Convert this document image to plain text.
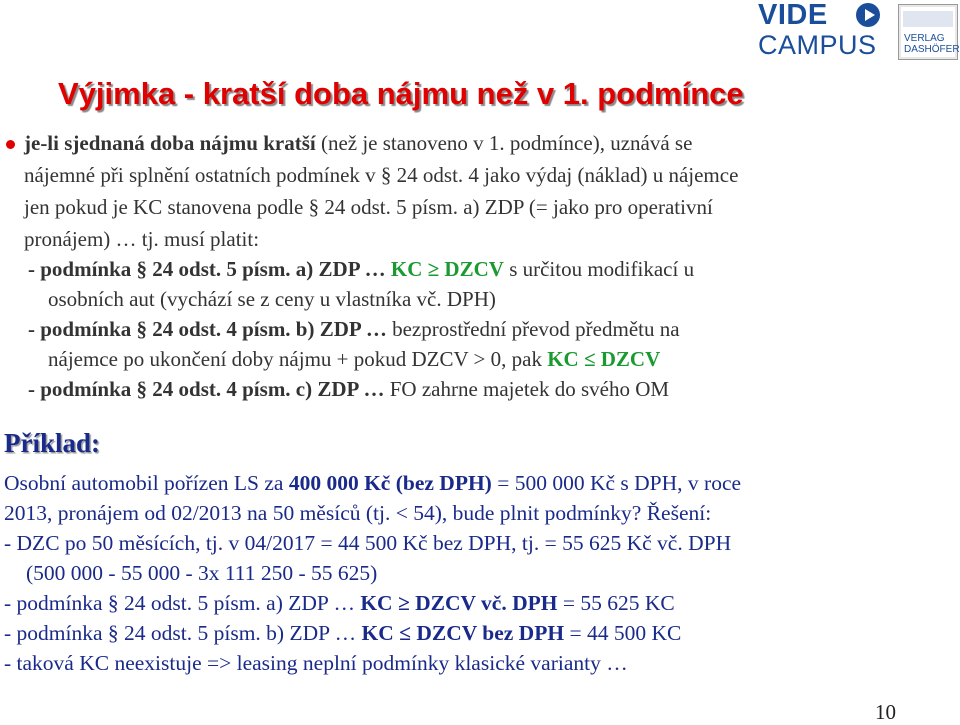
VIDE
CAMPUS	VERLAG
DASHÖFER
Výjimka - kratší doba nájmu než v 1. podmínce
je-li sjednaná doba nájmu kratší (než je stanoveno v 1. podmínce), uznává se
nájemné při splnění ostatních podmínek v § 24 odst. 4 jako výdaj (náklad) u nájemce
jen pokud je KC stanovena podle § 24 odst. 5 písm. a) ZDP (= jako pro operativní
pronájem) … tj. musí platit:
- podmínka § 24 odst. 5 písm. a) ZDP … KC ≥ DZCV s určitou modifikací u
osobních aut (vychází se z ceny u vlastníka vč. DPH)
- podmínka § 24 odst. 4 písm. b) ZDP … bezprostřední převod předmětu na
nájemce po ukončení doby nájmu + pokud DZCV > 0, pak KC ≤ DZCV
- podmínka § 24 odst. 4 písm. c) ZDP … FO zahrne majetek do svého OM
Příklad:
Osobní automobil pořízen LS za 400 000 Kč (bez DPH) = 500 000 Kč s DPH, v roce
2013, pronájem od 02/2013 na 50 měsíců (tj. < 54), bude plnit podmínky? Řešení:
- DZC po 50 měsících, tj. v 04/2017 = 44 500 Kč bez DPH, tj. = 55 625 Kč vč. DPH
(500 000 - 55 000 - 3x 111 250 - 55 625)
- podmínka § 24 odst. 5 písm. a) ZDP … KC ≥ DZCV vč. DPH = 55 625 KC
- podmínka § 24 odst. 5 písm. b) ZDP … KC ≤ DZCV bez DPH = 44 500 KC
- taková KC neexistuje => leasing neplní podmínky klasické varianty …
10
